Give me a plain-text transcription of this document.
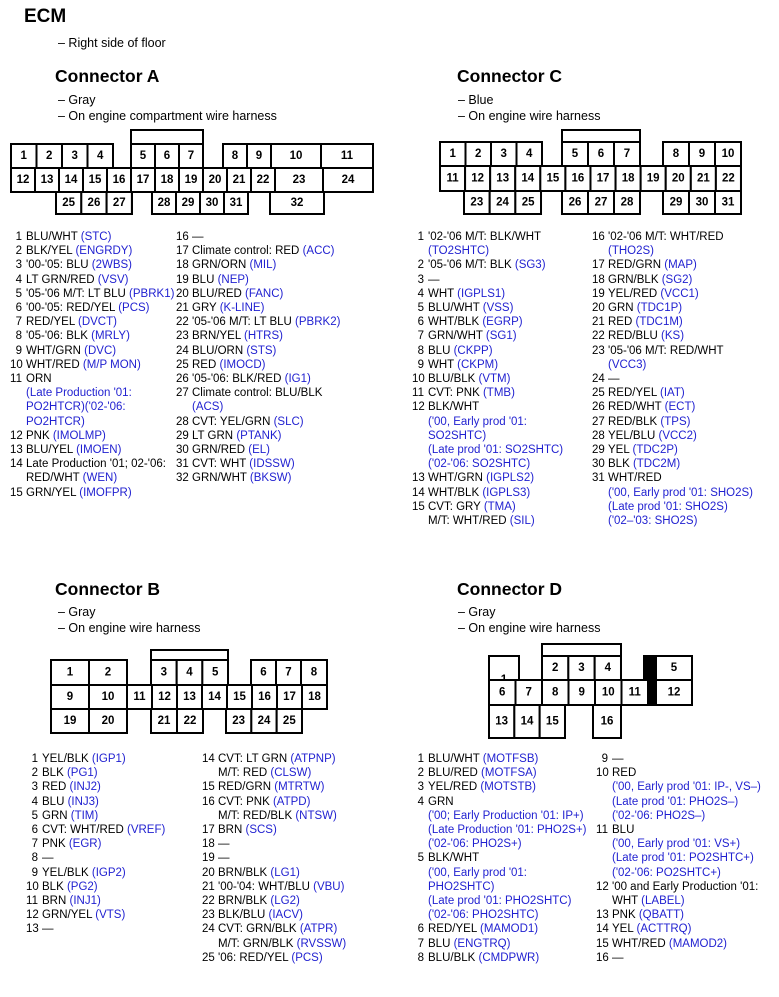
ECM
– Right side of floor
Connector A
– Gray
– On engine compartment wire harness
1 2 3 4	5 6 7	8 9 10	11
12 13 14 15 16 17 18 19 20 21 22 23	24
25 26 27	28 29 30 31	32
1 BLU/WHT (STC)
2 BLK/YEL (ENGRDY)
3 '00-'05: BLU (2WBS)
4 LT GRN/RED (VSV)
5 '05-'06 M/T: LT BLU (PBRK1)
6 '00-'05: RED/YEL (PCS)
7 RED/YEL (DVCT)
8 '05-'06: BLK (MRLY)
9 WHT/GRN (DVC)
10 WHT/RED (M/P MON)
11 ORN
(Late Production '01:
PO2HTCR)('02-'06:
PO2HTCR)
12 PNK (IMOLMP)
13 BLU/YEL (IMOEN)
14 Late Production '01; 02-'06:
RED/WHT (WEN)
15 GRN/YEL (IMOFPR)
16 —
17 Climate control: RED (ACC)
18 GRN/ORN (MIL)
19 BLU (NEP)
20 BLU/RED (FANC)
21 GRY (K-LINE)
22 '05-'06 M/T: LT BLU (PBRK2)
23 BRN/YEL (HTRS)
24 BLU/ORN (STS)
25 RED (IMOCD)
26 '05-'06: BLK/RED (IG1)
27 Climate control: BLU/BLK
(ACS)
28 CVT: YEL/GRN (SLC)
29 LT GRN (PTANK)
30 GRN/RED (EL)
31 CVT: WHT (IDSSW)
32 GRN/WHT (BKSW)
Connector C
– Blue
– On engine wire harness
1 2 3 4	5 6 7	8 9 10
11 12 13 14 15 16 17 18 19 20 21 22
23 24 25	26 27 28	29 30 31
1 '02-'06 M/T: BLK/WHT
(TO2SHTC)
2 '05-'06 M/T: BLK (SG3)
3 —
4 WHT (IGPLS1)
5 BLU/WHT (VSS)
6 WHT/BLK (EGRP)
7 GRN/WHT (SG1)
8 BLU (CKPP)
9 WHT (CKPM)
10 BLU/BLK (VTM)
11 CVT: PNK (TMB)
12 BLK/WHT
('00, Early prod '01:
SO2SHTC)
(Late prod '01: SO2SHTC)
('02-'06: SO2SHTC)
13 WHT/GRN (IGPLS2)
14 WHT/BLK (IGPLS3)
15 CVT: GRY (TMA)
M/T: WHT/RED (SIL)
16 '02-'06 M/T: WHT/RED
(THO2S)
17 RED/GRN (MAP)
18 GRN/BLK (SG2)
19 YEL/RED (VCC1)
20 GRN (TDC1P)
21 RED (TDC1M)
22 RED/BLU (KS)
23 '05-'06 M/T: RED/WHT
(VCC3)
24 —
25 RED/YEL (IAT)
26 RED/WHT (ECT)
27 RED/BLK (TPS)
28 YEL/BLU (VCC2)
29 YEL (TDC2P)
30 BLK (TDC2M)
31 WHT/RED
('00, Early prod '01: SHO2S)
(Late prod '01: SHO2S)
('02–'03: SHO2S)
Connector B
– Gray
– On engine wire harness
1	2	3 4 5	6 7 8
9 10 11 12 13 14 15 16 17 18
19 20	21 22	23 24 25
1 YEL/BLK (IGP1)
2 BLK (PG1)
3 RED (INJ2)
4 BLU (INJ3)
5 GRN (TIM)
6 CVT: WHT/RED (VREF)
7 PNK (EGR)
8 —
9 YEL/BLK (IGP2)
10 BLK (PG2)
11 BRN (INJ1)
12 GRN/YEL (VTS)
13 —
14 CVT: LT GRN (ATPNP)
M/T: RED (CLSW)
15 RED/GRN (MTRTW)
16 CVT: PNK (ATPD)
M/T: RED/BLK (NTSW)
17 BRN (SCS)
18 —
19 —
20 BRN/BLK (LG1)
21 '00-'04: WHT/BLU (VBU)
22 BRN/BLK (LG2)
23 BLK/BLU (IACV)
24 CVT: GRN/BLK (ATPR)
M/T: GRN/BLK (RVSSW)
25 '06: RED/YEL (PCS)
Connector D
– Gray
– On engine wire harness
2 3 4	5
6 7 8 9 10 11 12
13 14 15	16
1 BLU/WHT (MOTFSB)
2 BLU/RED (MOTFSA)
3 YEL/RED (MOTSTB)
4 GRN
('00; Early Production '01: IP+)
(Late Production '01: PHO2S+)
('02-'06: PHO2S+)
5 BLK/WHT
('00, Early prod '01:
PHO2SHTC)
(Late prod '01: PHO2SHTC)
('02-'06: PHO2SHTC)
6 RED/YEL (MAMOD1)
7 BLU (ENGTRQ)
8 BLU/BLK (CMDPWR)
9 —
10 RED
('00, Early prod '01: IP-, VS–)
(Late prod '01: PHO2S–)
('02-'06: PHO2S–)
11 BLU
('00, Early prod '01: VS+)
(Late prod '01: PO2SHTC+)
('02-'06: PO2SHTC+)
12 '00 and Early Production '01:
WHT (LABEL)
13 PNK (QBATT)
14 YEL (ACTTRQ)
15 WHT/RED (MAMOD2)
16 —
